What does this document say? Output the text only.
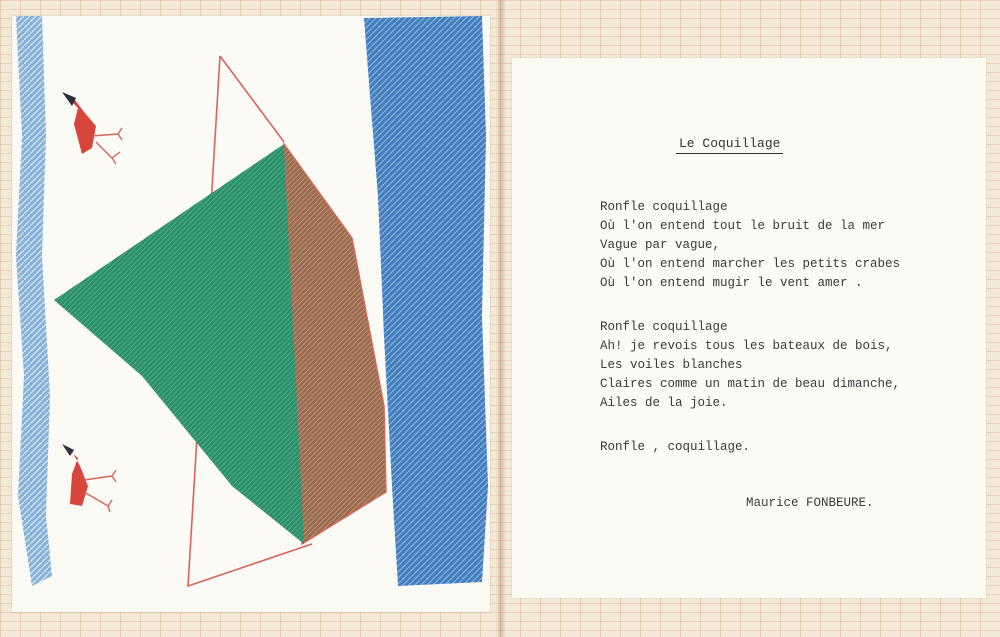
Le Coquillage

Ronfle coquillage
Où l'on entend tout le bruit de la mer
Vague par vague,
Où l'on entend marcher les petits crabes
Où l'on entend mugir le vent amer .

Ronfle coquillage
Ah! je revois tous les bateaux de bois,
Les voiles blanches
Claires comme un matin de beau dimanche,
Ailes de la joie.

Ronfle , coquillage.

Maurice FONBEURE.
